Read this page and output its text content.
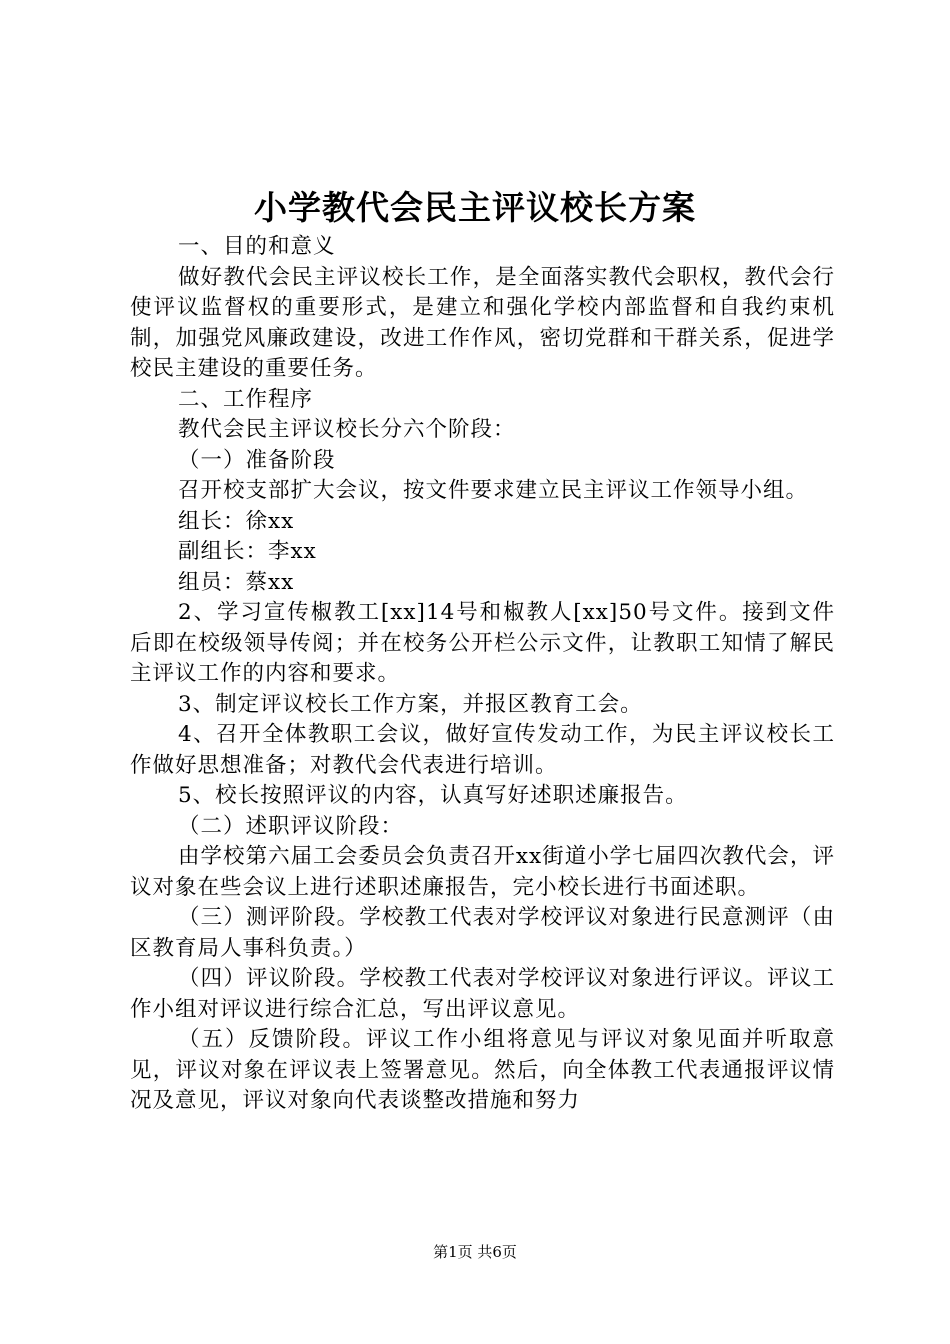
小学教代会民主评议校长方案

一、目的和意义

做好教代会民主评议校长工作，是全面落实教代会职权，教代会行使评议监督权的重要形式，是建立和强化学校内部监督和自我约束机制，加强党风廉政建设，改进工作作风，密切党群和干群关系，促进学校民主建设的重要任务。

二、工作程序

教代会民主评议校长分六个阶段：

（一）准备阶段

召开校支部扩大会议，按文件要求建立民主评议工作领导小组。

组长：徐xx

副组长：李xx

组员：蔡xx

2、学习宣传椒教工[xx]14号和椒教人[xx]50号文件。接到文件后即在校级领导传阅；并在校务公开栏公示文件，让教职工知情了解民主评议工作的内容和要求。

3、制定评议校长工作方案，并报区教育工会。

4、召开全体教职工会议，做好宣传发动工作，为民主评议校长工作做好思想准备；对教代会代表进行培训。

5、校长按照评议的内容，认真写好述职述廉报告。

（二）述职评议阶段：

由学校第六届工会委员会负责召开xx街道小学七届四次教代会，评议对象在些会议上进行述职述廉报告，完小校长进行书面述职。

（三）测评阶段。学校教工代表对学校评议对象进行民意测评（由区教育局人事科负责。）

（四）评议阶段。学校教工代表对学校评议对象进行评议。评议工作小组对评议进行综合汇总，写出评议意见。

（五）反馈阶段。评议工作小组将意见与评议对象见面并听取意见，评议对象在评议表上签署意见。然后，向全体教工代表通报评议情况及意见，评议对象向代表谈整改措施和努力

第1页 共6页
